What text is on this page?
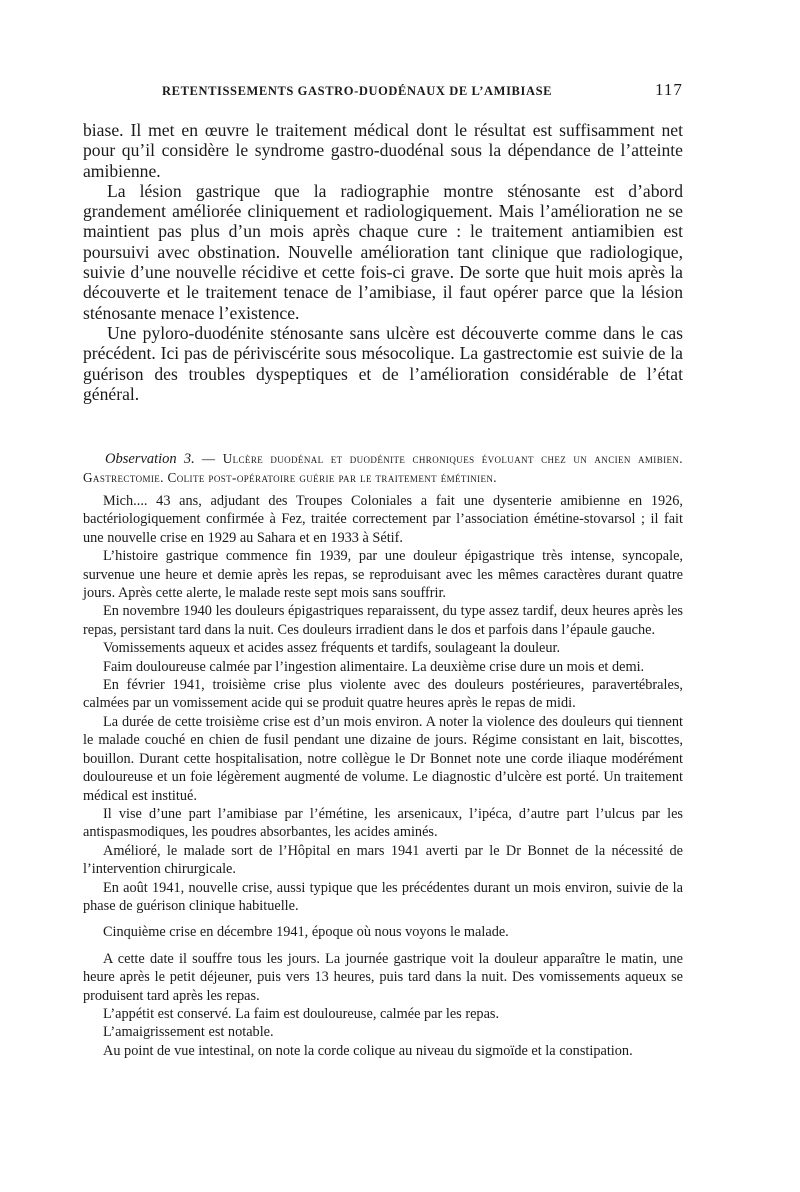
RETENTISSEMENTS GASTRO-DUODÉNAUX DE L’AMIBIASE	117

biase. Il met en œuvre le traitement médical dont le résultat est suffisamment net pour qu’il considère le syndrome gastro-duodénal sous la dépendance de l’atteinte amibienne.

La lésion gastrique que la radiographie montre sténosante est d’abord grandement améliorée cliniquement et radiologiquement. Mais l’amélioration ne se maintient pas plus d’un mois après chaque cure : le traitement antiamibien est poursuivi avec obstination. Nouvelle amélioration tant clinique que radiologique, suivie d’une nouvelle récidive et cette fois-ci grave. De sorte que huit mois après la découverte et le traitement tenace de l’amibiase, il faut opérer parce que la lésion sténosante menace l’existence.

Une pyloro-duodénite sténosante sans ulcère est découverte comme dans le cas précédent. Ici pas de périviscérite sous mésocolique. La gastrectomie est suivie de la guérison des troubles dyspeptiques et de l’amélioration considérable de l’état général.

Observation 3. — Ulcère duodénal et duodénite chroniques évoluant chez un ancien amibien. Gastrectomie. Colite post-opératoire guérie par le traitement émétinien.

Mich.... 43 ans, adjudant des Troupes Coloniales a fait une dysenterie amibienne en 1926, bactériologiquement confirmée à Fez, traitée correctement par l’association émétine-stovarsol ; il fait une nouvelle crise en 1929 au Sahara et en 1933 à Sétif.

L’histoire gastrique commence fin 1939, par une douleur épigastrique très intense, syncopale, survenue une heure et demie après les repas, se reproduisant avec les mêmes caractères durant quatre jours. Après cette alerte, le malade reste sept mois sans souffrir.

En novembre 1940 les douleurs épigastriques reparaissent, du type assez tardif, deux heures après les repas, persistant tard dans la nuit. Ces douleurs irradient dans le dos et parfois dans l’épaule gauche.

Vomissements aqueux et acides assez fréquents et tardifs, soulageant la douleur.

Faim douloureuse calmée par l’ingestion alimentaire. La deuxième crise dure un mois et demi.

En février 1941, troisième crise plus violente avec des douleurs postérieures, paravertébrales, calmées par un vomissement acide qui se produit quatre heures après le repas de midi.

La durée de cette troisième crise est d’un mois environ. A noter la violence des douleurs qui tiennent le malade couché en chien de fusil pendant une dizaine de jours. Régime consistant en lait, biscottes, bouillon. Durant cette hospitalisation, notre collègue le Dr Bonnet note une corde iliaque modérément douloureuse et un foie légèrement augmenté de volume. Le diagnostic d’ulcère est porté. Un traitement médical est institué.

Il vise d’une part l’amibiase par l’émétine, les arsenicaux, l’ipéca, d’autre part l’ulcus par les antispasmodiques, les poudres absorbantes, les acides aminés.

Amélioré, le malade sort de l’Hôpital en mars 1941 averti par le Dr Bonnet de la nécessité de l’intervention chirurgicale.

En août 1941, nouvelle crise, aussi typique que les précédentes durant un mois environ, suivie de la phase de guérison clinique habituelle.

Cinquième crise en décembre 1941, époque où nous voyons le malade.

A cette date il souffre tous les jours. La journée gastrique voit la douleur apparaître le matin, une heure après le petit déjeuner, puis vers 13 heures, puis tard dans la nuit. Des vomissements aqueux se produisent tard après les repas.

L’appétit est conservé. La faim est douloureuse, calmée par les repas.

L’amaigrissement est notable.

Au point de vue intestinal, on note la corde colique au niveau du sigmoïde et la constipation.
